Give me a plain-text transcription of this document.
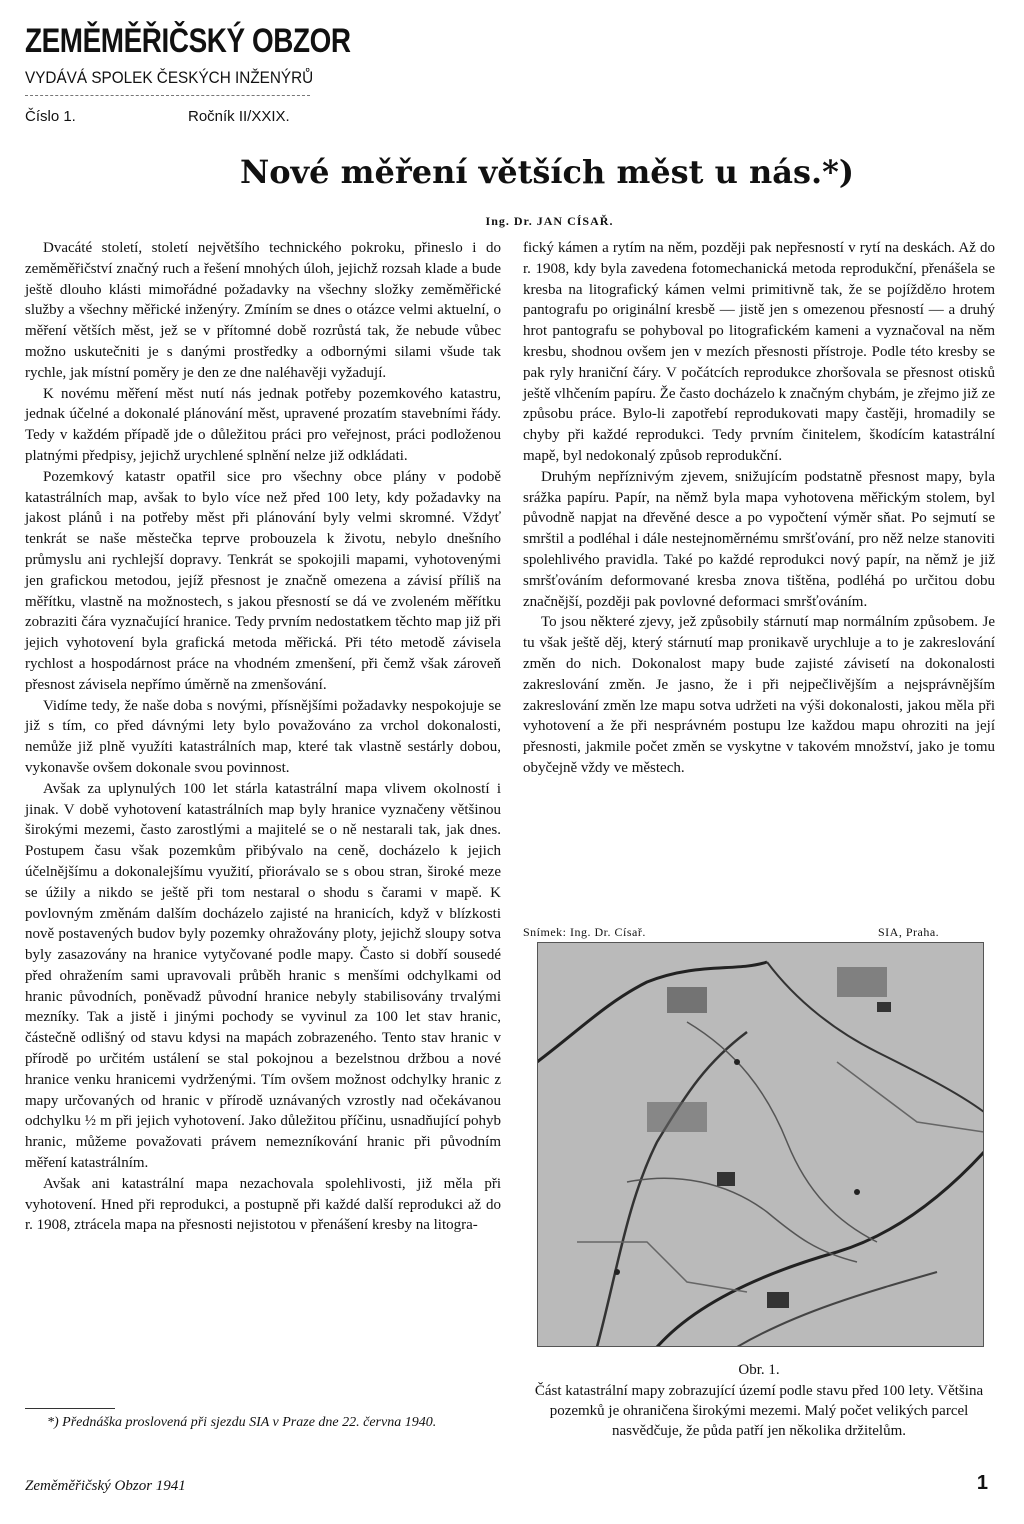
ZEMĚMĚŘIČSKÝ OBZOR
VYDÁVÁ SPOLEK ČESKÝCH INŽENÝRŮ
Číslo 1.	Ročník II/XXIX.
Nové měření větších měst u nás.*)
Ing. Dr. JAN CÍSAŘ.

Dvacáté století, století největšího technického pokroku, přineslo i do zeměměřičství značný ruch a řešení mnohých úloh, jejichž rozsah klade a bude ještě dlouho klásti mimořádné požadavky na všechny složky zeměměřické služby a všechny měřické inženýry. Zmíním se dnes o otázce velmi aktuelní, o měření větších měst, jež se v přítomné době rozrůstá tak, že nebude vůbec možno uskutečniti je s danými prostředky a odbornými silami všude tak rychle, jak místní poměry je den ze dne naléhavěji vyžadují.

K novému měření měst nutí nás jednak potřeby pozemkového katastru, jednak účelné a dokonalé plánování měst, upravené prozatím stavebními řády. Tedy v každém případě jde o důležitou práci pro veřejnost, práci podloženou platnými předpisy, jejichž urychlené splnění nelze již odkládati.

Pozemkový katastr opatřil sice pro všechny obce plány v podobě katastrálních map, avšak to bylo více než před 100 lety, kdy požadavky na jakost plánů i na potřeby měst při plánování byly velmi skromné. Vždyť tenkrát se naše městečka teprve probouzela k životu, nebylo dnešního průmyslu ani rychlejší dopravy. Tenkrát se spokojili mapami, vyhotovenými jen grafickou metodou, jejíž přesnost je značně omezena a závisí příliš na měřítku, vlastně na možnostech, s jakou přesností se dá ve zvoleném měřítku zobraziti čára vyznačující hranice. Tedy prvním nedostatkem těchto map již při jejich vyhotovení byla grafická metoda měřická. Při této metodě závisela rychlost a hospodárnost práce na vhodném zmenšení, při čemž však zároveň přesnost závisela nepřímo úměrně na zmenšování.

Vidíme tedy, že naše doba s novými, přísnějšími požadavky nespokojuje se již s tím, co před dávnými lety bylo považováno za vrchol dokonalosti, nemůže již plně využíti katastrálních map, které tak vlastně sestárly dobou, vykonavše ovšem dokonale svou povinnost.

Avšak za uplynulých 100 let stárla katastrální mapa vlivem okolností i jinak. V době vyhotovení katastrálních map byly hranice vyznačeny většinou širokými mezemi, často zarostlými a majitelé se o ně nestarali tak, jak dnes. Postupem času však pozemkům přibývalo na ceně, docházelo k jejich účelnějšímu a dokonalejšímu využití, přiorávalo se s obou stran, široké meze se úžily a nikdo se ještě při tom nestaral o shodu s čarami v mapě. K povlovným změnám dalším docházelo zajisté na hranicích, když v blízkosti nově postavených budov byly pozemky ohražovány ploty, jejichž sloupy sotva byly zasazovány na hranice vytyčované podle mapy. Často si dobří sousedé před ohražením sami upravovali průběh hranic s menšími odchylkami od hranic původních, poněvadž původní hranice nebyly stabilisovány trvalými mezníky. Tak a jistě i jinými pochody se vyvinul za 100 let stav hranic, částečně odlišný od stavu kdysi na mapách zobrazeného. Tento stav hranic v přírodě po určitém ustálení se stal pokojnou a bezelstnou držbou a nové hranice venku hranicemi vydrženými. Tím ovšem možnost odchylky hranic z mapy určovaných od hranic v přírodě uznávaných vzrostly nad očekávanou odchylku ½ m při jejich vyhotovení. Jako důležitou příčinu, usnadňující pohyb hranic, můžeme považovati právem nemezníkování hranic při původním měření katastrálním.

Avšak ani katastrální mapa nezachovala spolehlivosti, již měla při vyhotovení. Hned při reprodukci, a postupně při každé další reprodukci až do r. 1908, ztrácela mapa na přesnosti nejistotou v přenášení kresby na litogra-

fický kámen a rytím na něm, později pak nepřesností v rytí na deskách. Až do r. 1908, kdy byla zavedena fotomechanická metoda reprodukční, přenášela se kresba na litografický kámen velmi primitivně tak, že se pojížděло hrotem pantografu po originální kresbě — jistě jen s omezenou přesností — a druhý hrot pantografu se pohyboval po litografickém kameni a vyznačoval na něm kresbu, shodnou ovšem jen v mezích přesnosti přístroje. Podle této kresby se pak ryly hraniční čáry. V počátcích reprodukce zhoršovala se přesnost otisků ještě vlhčením papíru. Že často docházelo k značným chybám, je zřejmo již ze způsobu práce. Bylo-li zapotřebí reprodukovati mapy častěji, hromadily se chyby při každé reprodukci. Tedy prvním činitelem, škodícím katastrální mapě, byl nedokonalý způsob reprodukční.

Druhým nepříznivým zjevem, snižujícím podstatně přesnost mapy, byla srážka papíru. Papír, na němž byla mapa vyhotovena měřickým stolem, byl původně napjat na dřevěné desce a po vypočtení výměr sňat. Po sejmutí se smrštil a podléhal i dále nestejnoměrnému smršťování, pro něž nelze stanoviti spolehlivého pravidla. Také po každé reprodukci nový papír, na němž je již smršťováním deformované kresba znova tištěna, podléhá po určitou dobu značnější, později pak povlovné deformaci smršťováním.

To jsou některé zjevy, jež způsobily stárnutí map normálním způsobem. Je tu však ještě děj, který stárnutí map pronikavě urychluje a to je zakreslování změn do nich. Dokonalost mapy bude zajisté závisetí na dokonalosti zakreslování změn. Je jasno, že i při nejpečlivějším a nejsprávnějším zakreslování změn lze mapu sotva udržeti na výši dokonalosti, jakou měla při vyhotovení a že při nesprávném postupu lze každou mapu ohroziti na její přesnosti, jakmile počet změn se vyskytne v takovém množství, jako je tomu obyčejně vždy ve městech.

Snímek: Ing. Dr. Císař.	SIA, Praha.
Obr. 1.
Část katastrální mapy zobrazující území podle stavu před 100 lety. Většina pozemků je ohraničena širokými mezemi. Malý počet velikých parcel nasvědčuje, že půda patří jen několika držitelům.
*) Přednáška proslovená při sjezdu SIA v Praze dne 22. června 1940.
Zeměměřičský Obzor 1941	1
